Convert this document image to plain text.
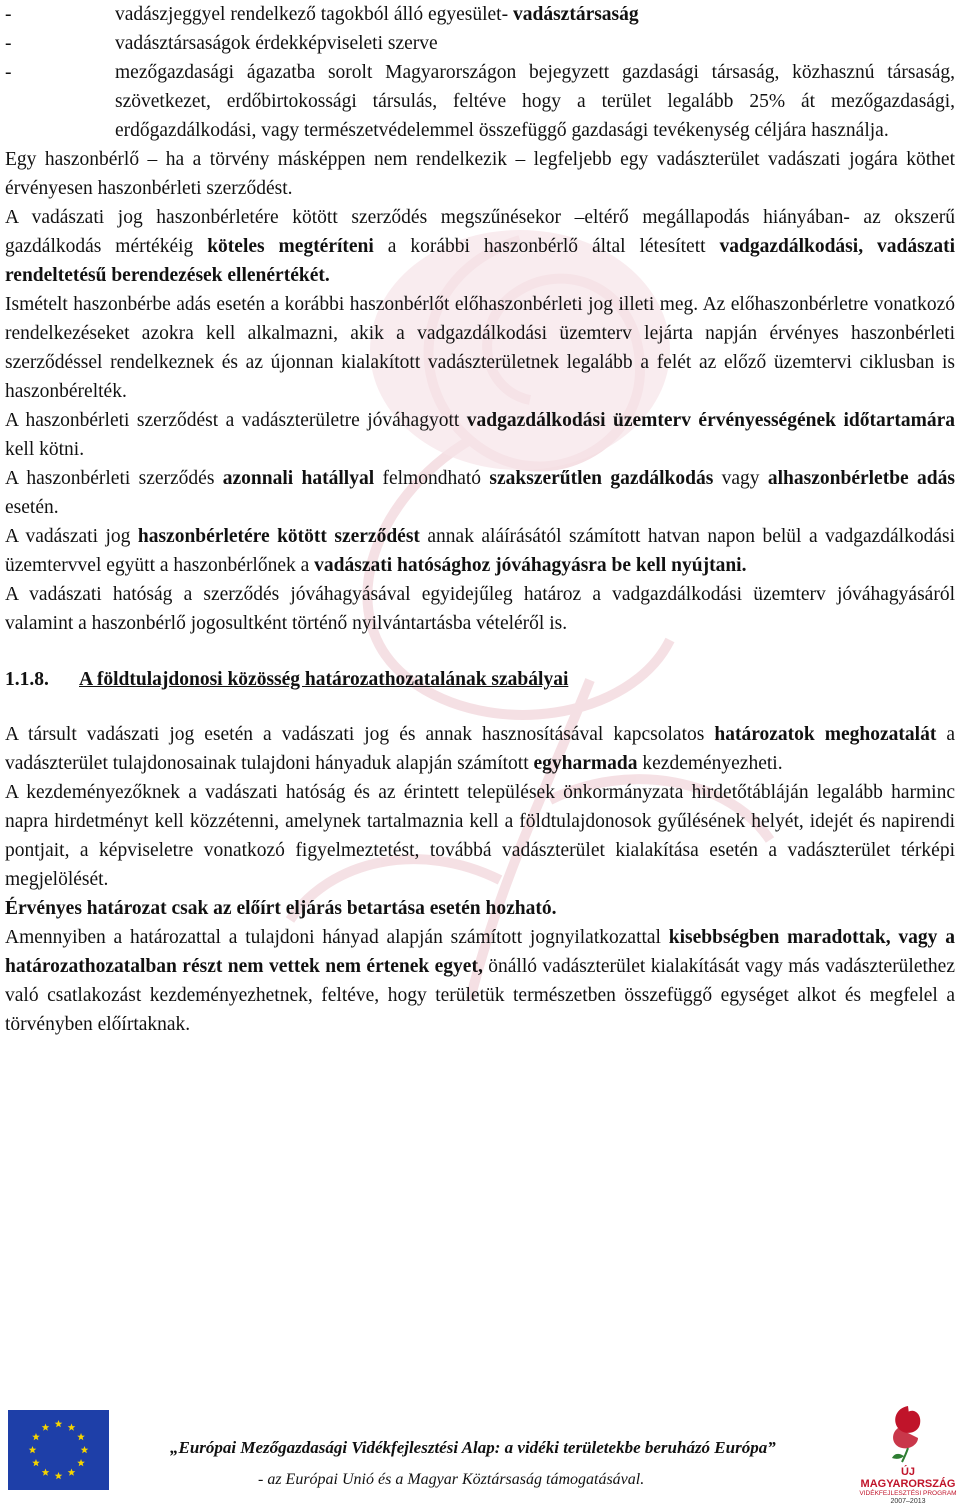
-	vadászjeggyel rendelkező tagokból álló egyesület- vadásztársaság
-	vadásztársaságok érdekképviseleti szerve
-	mezőgazdasági ágazatba sorolt Magyarországon bejegyzett gazdasági társaság, közhasznú társaság, szövetkezet, erdőbirtokossági társulás, feltéve hogy a terület legalább 25% át mezőgazdasági, erdőgazdálkodási, vagy természetvédelemmel összefüggő gazdasági tevékenység céljára használja.

Egy haszonbérlő – ha a törvény másképpen nem rendelkezik – legfeljebb egy vadászterület vadászati jogára köthet érvényesen haszonbérleti szerződést.

A vadászati jog haszonbérletére kötött szerződés megszűnésekor –eltérő megállapodás hiányában- az okszerű gazdálkodás mértékéig köteles megtéríteni a korábbi haszonbérlő által létesített vadgazdálkodási, vadászati rendeltetésű berendezések ellenértékét.

Ismételt haszonbérbe adás esetén a korábbi haszonbérlőt előhaszonbérleti jog illeti meg. Az előhaszonbérletre vonatkozó rendelkezéseket azokra kell alkalmazni, akik a vadgazdálkodási üzemterv lejárta napján érvényes haszonbérleti szerződéssel rendelkeznek és az újonnan kialakított vadászterületnek legalább a felét az előző üzemtervi ciklusban is haszonbérelték.

A haszonbérleti szerződést a vadászterületre jóváhagyott vadgazdálkodási üzemterv érvényességének időtartamára kell kötni.

A haszonbérleti szerződés azonnali hatállyal felmondható szakszerűtlen gazdálkodás vagy alhaszonbérletbe adás esetén.

A vadászati jog haszonbérletére kötött szerződést annak aláírásától számított hatvan napon belül a vadgazdálkodási üzemtervvel együtt a haszonbérlőnek a vadászati hatósághoz jóváhagyásra be kell nyújtani.

A vadászati hatóság a szerződés jóváhagyásával egyidejűleg határoz a vadgazdálkodási üzemterv jóváhagyásáról valamint a haszonbérlő jogosultként történő nyilvántartásba vételéről is.

1.1.8. A földtulajdonosi közösség határozathozatalának szabályai

A társult vadászati jog esetén a vadászati jog és annak hasznosításával kapcsolatos határozatok meghozatalát a vadászterület tulajdonosainak tulajdoni hányaduk alapján számított egyharmada kezdeményezheti.

A kezdeményezőknek a vadászati hatóság és az érintett települések önkormányzata hirdetőtábláján legalább harminc napra hirdetményt kell közzétenni, amelynek tartalmaznia kell a földtulajdonosok gyűlésének helyét, idejét és napirendi pontjait, a képviseletre vonatkozó figyelmeztetést, továbbá vadászterület kialakítása esetén a vadászterület térképi megjelölését.

Érvényes határozat csak az előírt eljárás betartása esetén hozható.

Amennyiben a határozattal a tulajdoni hányad alapján számított jognyilatkozattal kisebbségben maradottak, vagy a határozathozatalban részt nem vettek nem értenek egyet, önálló vadászterület kialakítását vagy más vadászterülethez való csatlakozást kezdeményezhetnek, feltéve, hogy területük természetben összefüggő egységet alkot és megfelel a törvényben előírtaknak.

„Európai Mezőgazdasági Vidékfejlesztési Alap: a vidéki területekbe beruházó Európa”
- az Európai Unió és a Magyar Köztársaság támogatásával.	ÚJ MAGYARORSZÁG
VIDÉKFEJLESZTÉSI PROGRAM
2007–2013
